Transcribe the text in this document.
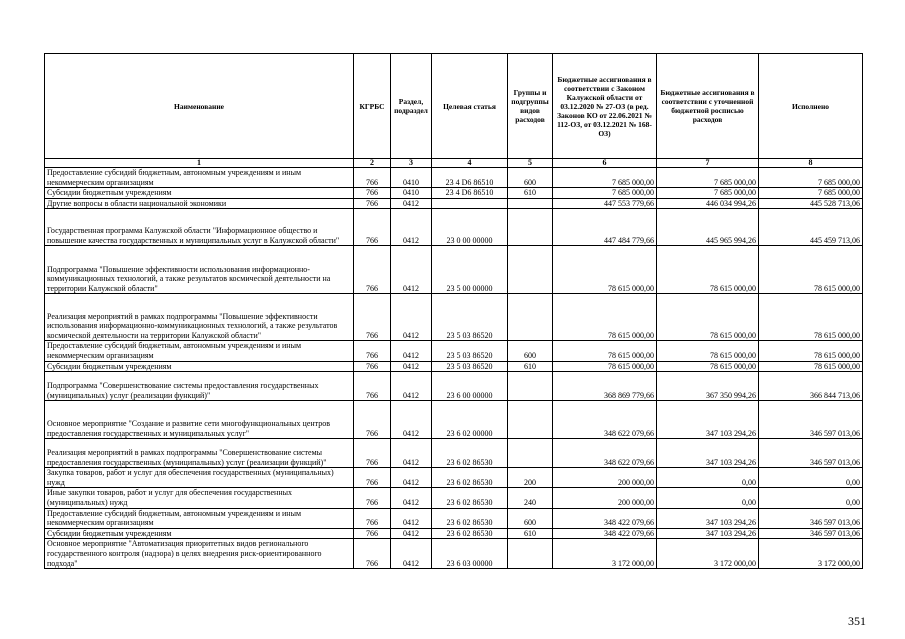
Наименование	КГРБС	Раздел, подраздел	Целевая статья	Группы и подгруппы видов расходов	Бюджетные ассигнования в соответствии с Законом Калужской области от 03.12.2020 № 27-ОЗ (в ред. Законов КО от 22.06.2021 № 112-ОЗ, от 03.12.2021 № 168-ОЗ)	Бюджетные ассигнования в соответствии с уточненной бюджетной росписью расходов	Исполнено
1	2	3	4	5	6	7	8
Предоставление субсидий бюджетным, автономным учреждениям и иным некоммерческим организациям	766	0410	23 4 D6 86510	600	7 685 000,00	7 685 000,00	7 685 000,00
Субсидии бюджетным учреждениям	766	0410	23 4 D6 86510	610	7 685 000,00	7 685 000,00	7 685 000,00
Другие вопросы в области национальной экономики	766	0412			447 553 779,66	446 034 994,26	445 528 713,06
Государственная программа Калужской области "Информационное общество и повышение качества государственных и муниципальных услуг в Калужской области"	766	0412	23 0 00 00000		447 484 779,66	445 965 994,26	445 459 713,06
Подпрограмма "Повышение эффективности использования информационно-коммуникационных технологий, а также результатов космической деятельности на территории Калужской области"	766	0412	23 5 00 00000		78 615 000,00	78 615 000,00	78 615 000,00
Реализация мероприятий в рамках подпрограммы "Повышение эффективности использования информационно-коммуникационных технологий, а также результатов космической деятельности на территории Калужской области"	766	0412	23 5 03 86520		78 615 000,00	78 615 000,00	78 615 000,00
Предоставление субсидий бюджетным, автономным учреждениям и иным некоммерческим организациям	766	0412	23 5 03 86520	600	78 615 000,00	78 615 000,00	78 615 000,00
Субсидии бюджетным учреждениям	766	0412	23 5 03 86520	610	78 615 000,00	78 615 000,00	78 615 000,00
Подпрограмма "Совершенствование системы предоставления государственных (муниципальных) услуг (реализации функций)"	766	0412	23 6 00 00000		368 869 779,66	367 350 994,26	366 844 713,06
Основное мероприятие "Создание и развитие сети многофункциональных центров предоставления государственных и муниципальных услуг"	766	0412	23 6 02 00000		348 622 079,66	347 103 294,26	346 597 013,06
Реализация мероприятий в рамках подпрограммы "Совершенствование системы предоставления государственных (муниципальных) услуг (реализации функций)"	766	0412	23 6 02 86530		348 622 079,66	347 103 294,26	346 597 013,06
Закупка товаров, работ и услуг для обеспечения государственных (муниципальных) нужд	766	0412	23 6 02 86530	200	200 000,00	0,00	0,00
Иные закупки товаров, работ и услуг для обеспечения государственных (муниципальных) нужд	766	0412	23 6 02 86530	240	200 000,00	0,00	0,00
Предоставление субсидий бюджетным, автономным учреждениям и иным некоммерческим организациям	766	0412	23 6 02 86530	600	348 422 079,66	347 103 294,26	346 597 013,06
Субсидии бюджетным учреждениям	766	0412	23 6 02 86530	610	348 422 079,66	347 103 294,26	346 597 013,06
Основное мероприятие "Автоматизация приоритетных видов регионального государственного контроля (надзора) в целях внедрения риск-ориентированного подхода"	766	0412	23 6 03 00000		3 172 000,00	3 172 000,00	3 172 000,00
351
